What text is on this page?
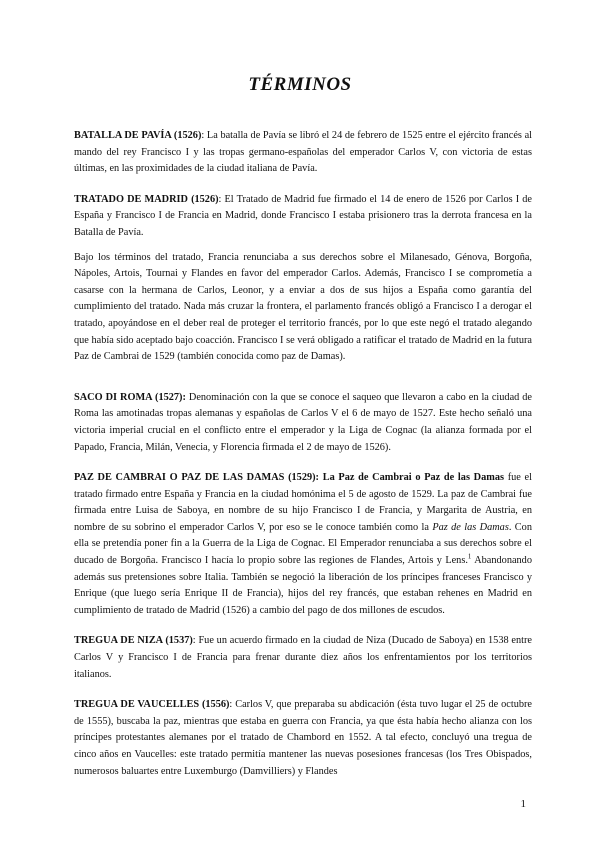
TÉRMINOS

BATALLA DE PAVÍA (1526): La batalla de Pavía se libró el 24 de febrero de 1525 entre el ejército francés al mando del rey Francisco I y las tropas germano-españolas del emperador Carlos V, con victoria de estas últimas, en las proximidades de la ciudad italiana de Pavía.

TRATADO DE MADRID (1526): El Tratado de Madrid fue firmado el 14 de enero de 1526 por Carlos I de España y Francisco I de Francia en Madrid, donde Francisco I estaba prisionero tras la derrota francesa en la Batalla de Pavía.

Bajo los términos del tratado, Francia renunciaba a sus derechos sobre el Milanesado, Génova, Borgoña, Nápoles, Artois, Tournai y Flandes en favor del emperador Carlos. Además, Francisco I se comprometía a casarse con la hermana de Carlos, Leonor, y a enviar a dos de sus hijos a España como garantía del cumplimiento del tratado. Nada más cruzar la frontera, el parlamento francés obligó a Francisco I a derogar el tratado, apoyándose en el deber real de proteger el territorio francés, por lo que este negó el tratado alegando que había sido aceptado bajo coacción. Francisco I se verá obligado a ratificar el tratado de Madrid en la futura Paz de Cambrai de 1529 (también conocida como paz de Damas).

SACO DI ROMA (1527): Denominación con la que se conoce el saqueo que llevaron a cabo en la ciudad de Roma las amotinadas tropas alemanas y españolas de Carlos V el 6 de mayo de 1527. Este hecho señaló una victoria imperial crucial en el conflicto entre el emperador y la Liga de Cognac (la alianza formada por el Papado, Francia, Milán, Venecia, y Florencia firmada el 2 de mayo de 1526).

PAZ DE CAMBRAI O PAZ DE LAS DAMAS (1529): La Paz de Cambrai o Paz de las Damas fue el tratado firmado entre España y Francia en la ciudad homónima el 5 de agosto de 1529. La paz de Cambrai fue firmada entre Luisa de Saboya, en nombre de su hijo Francisco I de Francia, y Margarita de Austria, en nombre de su sobrino el emperador Carlos V, por eso se le conoce también como la Paz de las Damas. Con ella se pretendía poner fin a la Guerra de la Liga de Cognac. El Emperador renunciaba a sus derechos sobre el ducado de Borgoña. Francisco I hacía lo propio sobre las regiones de Flandes, Artois y Lens.$^1$ Abandonando además sus pretensiones sobre Italia. También se negoció la liberación de los príncipes franceses Francisco y Enrique (que luego sería Enrique II de Francia), hijos del rey francés, que estaban rehenes en Madrid en cumplimiento de tratado de Madrid (1526) a cambio del pago de dos millones de escudos.

TREGUA DE NIZA (1537): Fue un acuerdo firmado en la ciudad de Niza (Ducado de Saboya) en 1538 entre Carlos V y Francisco I de Francia para frenar durante diez años los enfrentamientos por los territorios italianos.

TREGUA DE VAUCELLES (1556): Carlos V, que preparaba su abdicación (ésta tuvo lugar el 25 de octubre de 1555), buscaba la paz, mientras que estaba en guerra con Francia, ya que ésta había hecho alianza con los príncipes protestantes alemanes por el tratado de Chambord en 1552. A tal efecto, concluyó una tregua de cinco años en Vaucelles: este tratado permitía mantener las nuevas posesiones francesas (los Tres Obispados, numerosos baluartes entre Luxemburgo (Damvilliers) y Flandes

1
